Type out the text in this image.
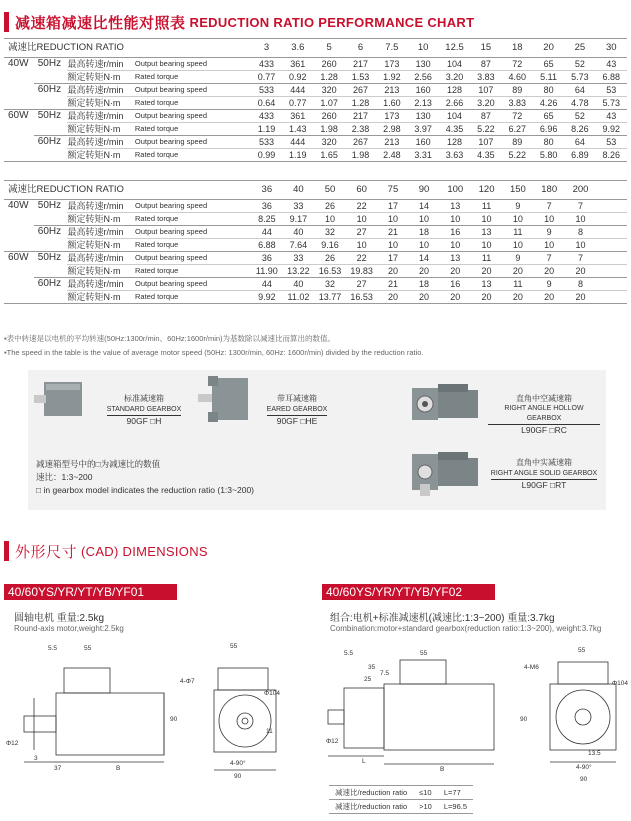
减速箱减速比性能对照表 REDUCTION RATIO PERFORMANCE CHART
减速比REDUCTION RATIO				3	3.6	5	6	7.5	10	12.5	15	18	20	25	30
40W	50Hz	最高转速r/min	Output bearing speed	433	361	260	217	173	130	104	87	72	65	52	43
		额定转矩N·m	Rated torque	0.77	0.92	1.28	1.53	1.92	2.56	3.20	3.83	4.60	5.11	5.73	6.88
	60Hz	最高转速r/min	Output bearing speed	533	444	320	267	213	160	128	107	89	80	64	53
		额定转矩N·m	Rated torque	0.64	0.77	1.07	1.28	1.60	2.13	2.66	3.20	3.83	4.26	4.78	5.73
60W	50Hz	最高转速r/min	Output bearing speed	433	361	260	217	173	130	104	87	72	65	52	43
		额定转矩N·m	Rated torque	1.19	1.43	1.98	2.38	2.98	3.97	4.35	5.22	6.27	6.96	8.26	9.92
	60Hz	最高转速r/min	Output bearing speed	533	444	320	267	213	160	128	107	89	80	64	53
		额定转矩N·m	Rated torque	0.99	1.19	1.65	1.98	2.48	3.31	3.63	4.35	5.22	5.80	6.89	8.26
减速比REDUCTION RATIO				36	40	50	60	75	90	100	120	150	180	200	
40W	50Hz	最高转速r/min	Output bearing speed	36	33	26	22	17	14	13	11	9	7	7	
		额定转矩N·m	Rated torque	8.25	9.17	10	10	10	10	10	10	10	10	10	
	60Hz	最高转速r/min	Output bearing speed	44	40	32	27	21	18	16	13	11	9	8	
		额定转矩N·m	Rated torque	6.88	7.64	9.16	10	10	10	10	10	10	10	10	
60W	50Hz	最高转速r/min	Output bearing speed	36	33	26	22	17	14	13	11	9	7	7	
		额定转矩N·m	Rated torque	11.90	13.22	16.53	19.83	20	20	20	20	20	20	20	
	60Hz	最高转速r/min	Output bearing speed	44	40	32	27	21	18	16	13	11	9	8	
		额定转矩N·m	Rated torque	9.92	11.02	13.77	16.53	20	20	20	20	20	20	20	
▪表中转速是以电机的平均转速(50Hz:1300r/min、60Hz:1600r/min)为基数除以减速比而算出的数值。
▪The speed in the table is the value of average motor speed (50Hz: 1300r/min, 60Hz: 1600r/min) divided by the reduction ratio.
标准减速箱
STANDARD GEARBOX
90GF □H
带耳减速箱
EARED GEARBOX
90GF □HE
直角中空减速箱
RIGHT ANGLE HOLLOW GEARBOX
L90GF □RC
直角中实减速箱
RIGHT ANGLE SOLID GEARBOX
L90GF □RT
减速箱型号中的□为减速比的数值
速比：1:3~200
□ in gearbox model indicates the reduction ratio (1:3~200)
外形尺寸 (CAD) DIMENSIONS
40/60YS/YR/YT/YB/YF01
圆轴电机 重量:2.5kg
Round-axis motor,weight:2.5kg
5.5	55
3
37	B
90
55
4-Φ7
Φ104
11
4-90°
90
Φ12
40/60YS/YR/YT/YB/YF02
组合:电机+标准减速机(减速比:1:3~200) 重量:3.7kg
Combination:motor+standard gearbox(reduction ratio:1:3~200), weight:3.7kg
5.5	55
35
25
7.5
L
B
90
55
4-M6
Φ104
13.5
4-90°
90
Φ12
减速比/reduction ratio	≤10	L=77
减速比/reduction ratio	>10	L=96.5
